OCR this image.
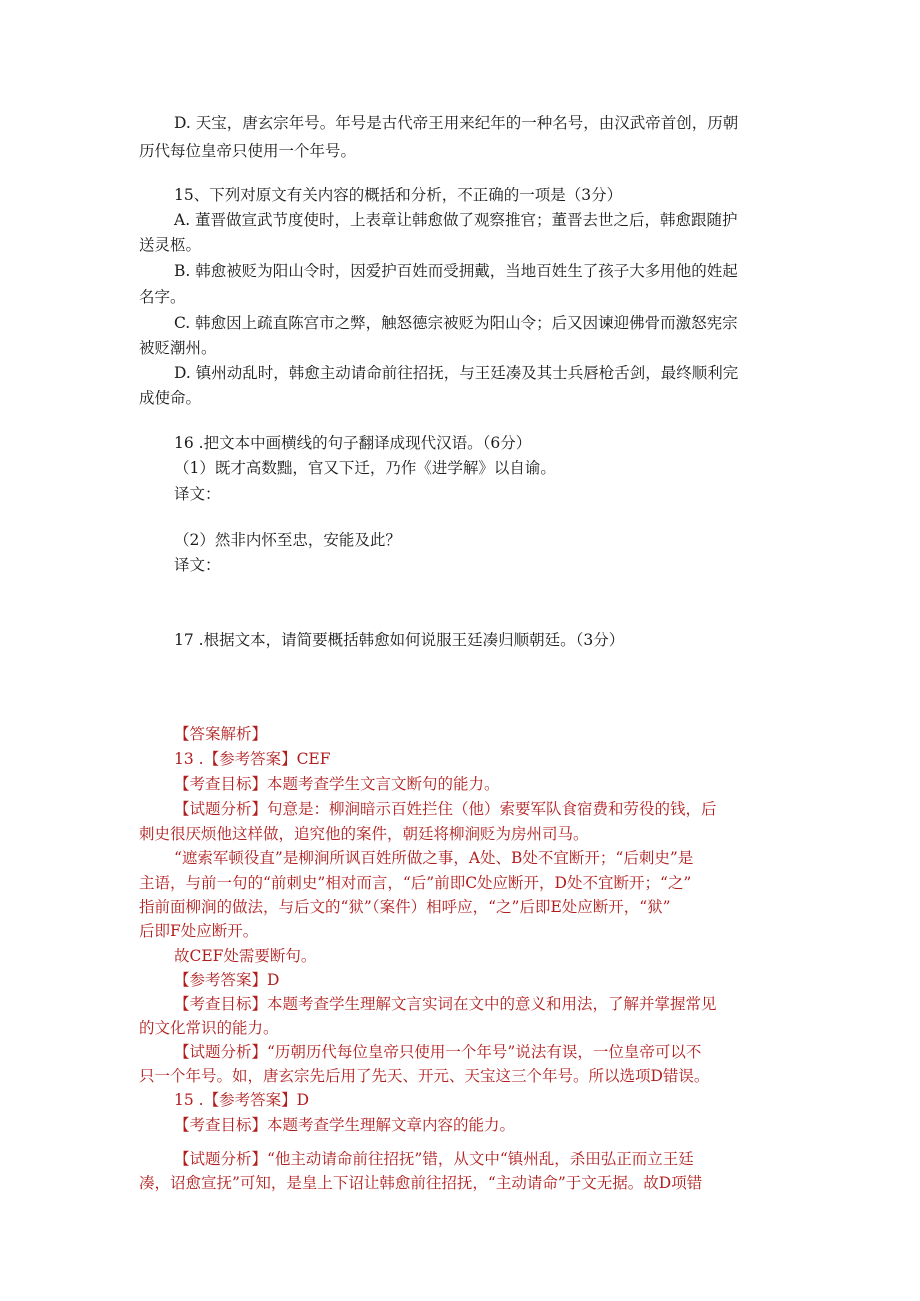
D. 天宝，唐玄宗年号。年号是古代帝王用来纪年的一种名号，由汉武帝首创，历朝
历代每位皇帝只使用一个年号。
15、下列对原文有关内容的概括和分析，不正确的一项是（3分）
A. 董晋做宣武节度使时，上表章让韩愈做了观察推官；董晋去世之后，韩愈跟随护
送灵柩。
B. 韩愈被贬为阳山令时，因爱护百姓而受拥戴，当地百姓生了孩子大多用他的姓起
名字。
C. 韩愈因上疏直陈宫市之弊，触怒德宗被贬为阳山令；后又因谏迎佛骨而激怒宪宗
被贬潮州。
D. 镇州动乱时，韩愈主动请命前往招抚，与王廷凑及其士兵唇枪舌剑，最终顺利完
成使命。
16 .把文本中画横线的句子翻译成现代汉语。（6分）
（1）既才高数黜，官又下迁，乃作《进学解》以自谕。
译文：
（2）然非内怀至忠，安能及此？
译文：
17 .根据文本，请简要概括韩愈如何说服王廷凑归顺朝廷。（3分）
【答案解析】
13 .【参考答案】CEF
【考查目标】本题考查学生文言文断句的能力。
【试题分析】句意是：柳涧暗示百姓拦住（他）索要军队食宿费和劳役的钱，后
刺史很厌烦他这样做，追究他的案件，朝廷将柳涧贬为房州司马。
“遮索军顿役直”是柳涧所讽百姓所做之事，A处、B处不宜断开；“后刺史”是
主语，与前一句的“前刺史”相对而言，“后”前即C处应断开，D处不宜断开；“之”
指前面柳涧的做法，与后文的“狱”（案件）相呼应，“之”后即E处应断开，“狱”
后即F处应断开。
故CEF处需要断句。
【参考答案】D
【考查目标】本题考查学生理解文言实词在文中的意义和用法，了解并掌握常见
的文化常识的能力。
【试题分析】“历朝历代每位皇帝只使用一个年号”说法有误，一位皇帝可以不
只一个年号。如，唐玄宗先后用了先天、开元、天宝这三个年号。所以选项D错误。
15 .【参考答案】D
【考查目标】本题考查学生理解文章内容的能力。
【试题分析】“他主动请命前往招抚”错，从文中“镇州乱，杀田弘正而立王廷
凑，诏愈宣抚”可知，是皇上下诏让韩愈前往招抚，“主动请命”于文无据。故D项错
